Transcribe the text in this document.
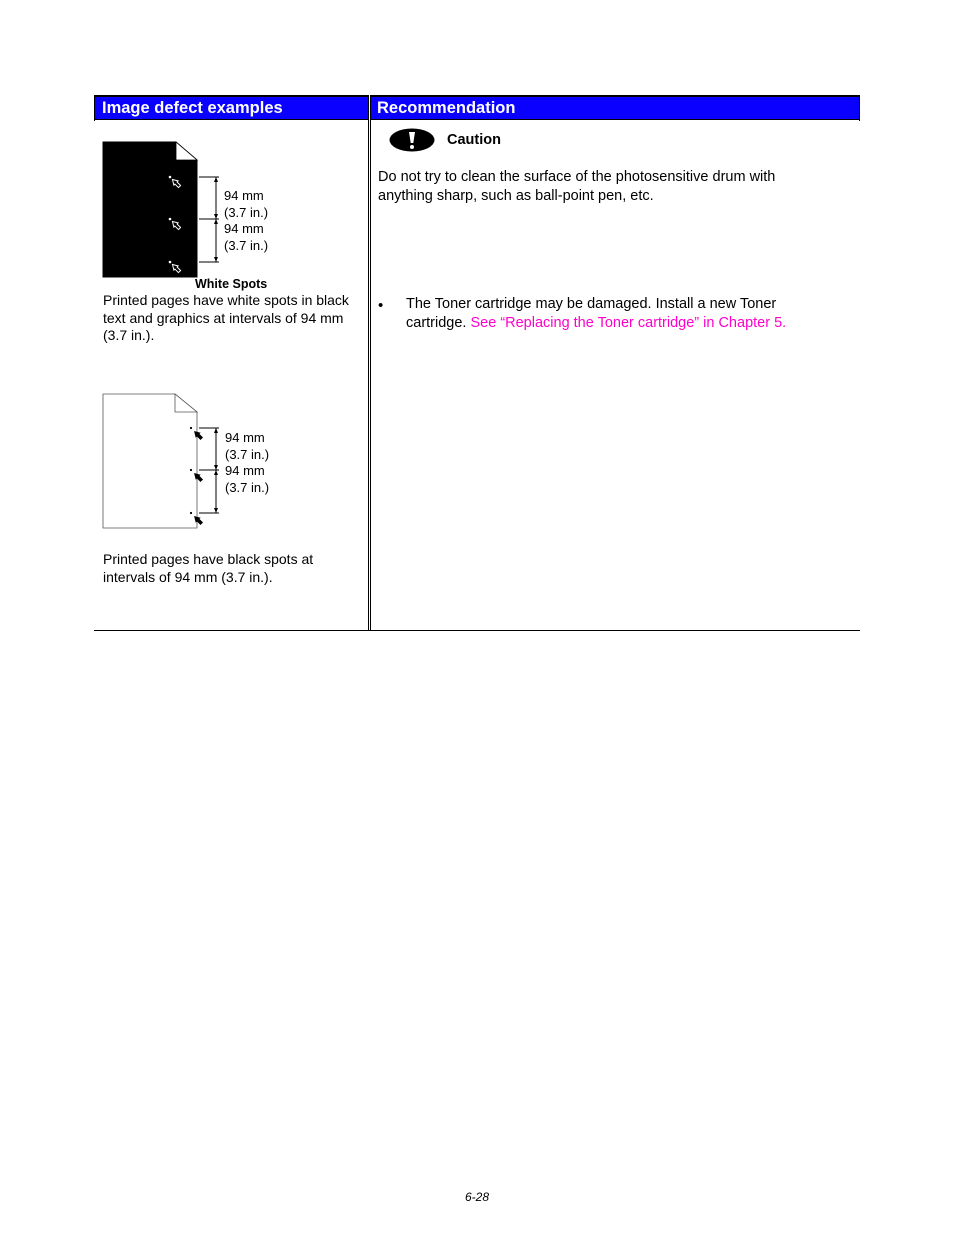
Image defect examples	Recommendation
94 mm
(3.7 in.)
94 mm
(3.7 in.)
White Spots
Printed pages have white spots in black
text and graphics at intervals of 94 mm
(3.7 in.).
94 mm
(3.7 in.)
94 mm
(3.7 in.)
Printed pages have black spots at
intervals of 94 mm (3.7 in.).
Caution
Do not try to clean the surface of the photosensitive drum with
anything sharp, such as ball-point pen, etc.
• The Toner cartridge may be damaged. Install a new Toner
cartridge. See “Replacing the Toner cartridge” in Chapter 5.
6-28
